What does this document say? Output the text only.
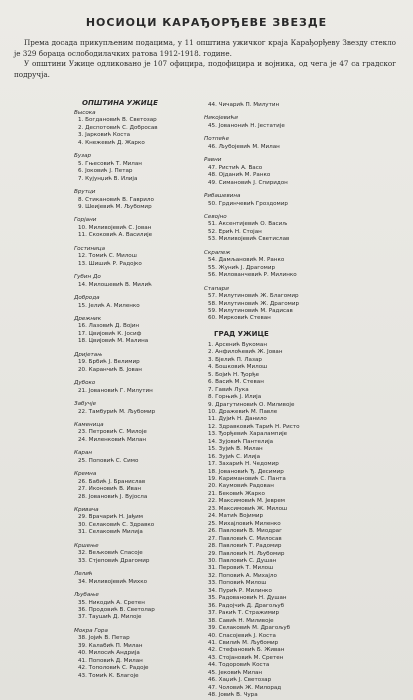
НОСИОЦИ КАРАЂОРЂЕВЕ ЗВЕЗДЕ

Према досада прикупљеним подацима, у 11 општина ужичког краја Карађорђеву Звезду стекло је 329 бораца ослободилачких ратова 1912-1918. године.

У општини Ужице одликовано је 107 официра, подофицира и војника, од чега је 47 са градског подручја.

ОПШТИНА УЖИЦЕ
Высока
1. Богдановић В. Светозар
2. Деспотовић С. Добросав
3. Јарковић Коста
4. Кнежевић Д. Жарко
Бузар
5. Гњесовић Т. Милан
6. Јоковић Ј. Петар
7. Кујунџић В. Илија
Врутци
8. Стикановић В. Гаврило
9. Шеијевић М. Љубомир
Горјани
10. Миливојевић С. Јован
11. Скоковић А. Василије
Гостиница
12. Томић С. Милош
13. Шишић Р. Радојко
Губин До
14. Милошевић В. Милић
Доброда
15. Јелић А. Миленко
Дрежник
16. Лазовић Д. Војин
17. Цвијовић К. Јосиф
18. Цвијовић М. Малина
Дријетањ
19. Брбић Ј. Велимир
20. Каранчић В. Јован
Дубоко
21. Јовановић Г. Милутин
Забучје
22. Тамбурић М. Љубомир
Каменица
23. Петровић С. Милоје
24. Миленковић Милан
Каран
25. Поповић С. Симо
Кремна
26. Бабић Ј. Бранислав
27. Иконовић В. Иван
28. Јовановић Ј. Вујосла
Кривача
29. Врачарић Н. Јађим
30. Селаковић С. Здравко
31. Селаковић Милија
Кршење
32. Вељковић Спасоје
33. Стјеповић Драгомир
Лелић
34. Миливојевић Михко
Љубање
35. Никодић А. Сретен
36. Продовић В. Светолар
37. Таушић Д. Милоје
Мокра Гора
38. Јојић В. Петар
39. Калабић П. Милан
40. Милосић Андрија
41. Поповић Д. Милан
42. Тополовић С. Радоје
43. Томић К. Благоје
44. Чичарић П. Милутин
Никојевићи
45. Јованонић Н. Јестатије
Потпеће
46. Љубојевић М. Милан
Равни
47. Ристић А. Васо
48. Ојданић М. Ранко
49. Симановић Ј. Спиридон
Рибашевина
50. Грдинчевић Гроздомир
Севојно
51. Аксентијевић О. Васиљ
52. Ерић Н. Стојан
53. Миливојевић Светислав
Скрапеж
54. Дамљановић М. Ранко
55. Жунић Ј. Драгомир
56. Милованчевић Р. Милинко
Стапари
57. Милутиновић Ж. Благомир
58. Милутиновић Ж. Драгомир
59. Милутиновић М. Радисав
60. Мирковић Стеван
ГРАД УЖИЦЕ
1. Арсенић Вукоман
2. Анфилоћевић Ж. Јован
3. Бјелић П. Лазар
4. Бошковић Милош
5. Бојић Н. Ђорђе
6. Васић М. Стеван
7. Гавић Лука
8. Горњић Ј. Илија
9. Драгутиновић О. Миливоје
10. Дражевић М. Павле
11. Дујић Н. Данило
12. Здравковић Тарић Н. Ристо
13. Ђорђевић Харалампије
14. Зујовић Пантелија
15. Зујић В. Милан
16. Зујић С. Илија
17. Захарић Н. Чедомир
18. Јовановић Ђ. Десимир
19. Каримановић С. Панта
20. Каумовић Радован
21. Бековић Жарко
22. Максимовић М. Јеврем
23. Максимовић Ж. Милош
24. Матић Војимир
25. Михајловић Миленко
26. Павловић В. Миодраг
27. Павловић С. Милосав
28. Павловић Т. Радомир
29. Павловић Н. Љубомир
30. Павловић С. Душан
31. Перовић Т. Милош
32. Поповић А. Михајло
33. Поповић Милош
34. Пурић Р. Милинко
35. Радовановић Н. Душан
36. Радојчић Д. Драгољуб
37. Ракић Т. Стражимир
38. Савић Н. Миливоје
39. Селаковић М. Драгољуб
40. Спасојевић Ј. Коста
41. Свилић М. Љубомир
42. Стефановић Б. Живан
43. Стојановић М. Сретен
44. Тодоровић Коста
45. Јековић Милан
46. Хаџић Ј. Светозар
47. Чоловић Ж. Милорад
48. Јовић В. Чура
